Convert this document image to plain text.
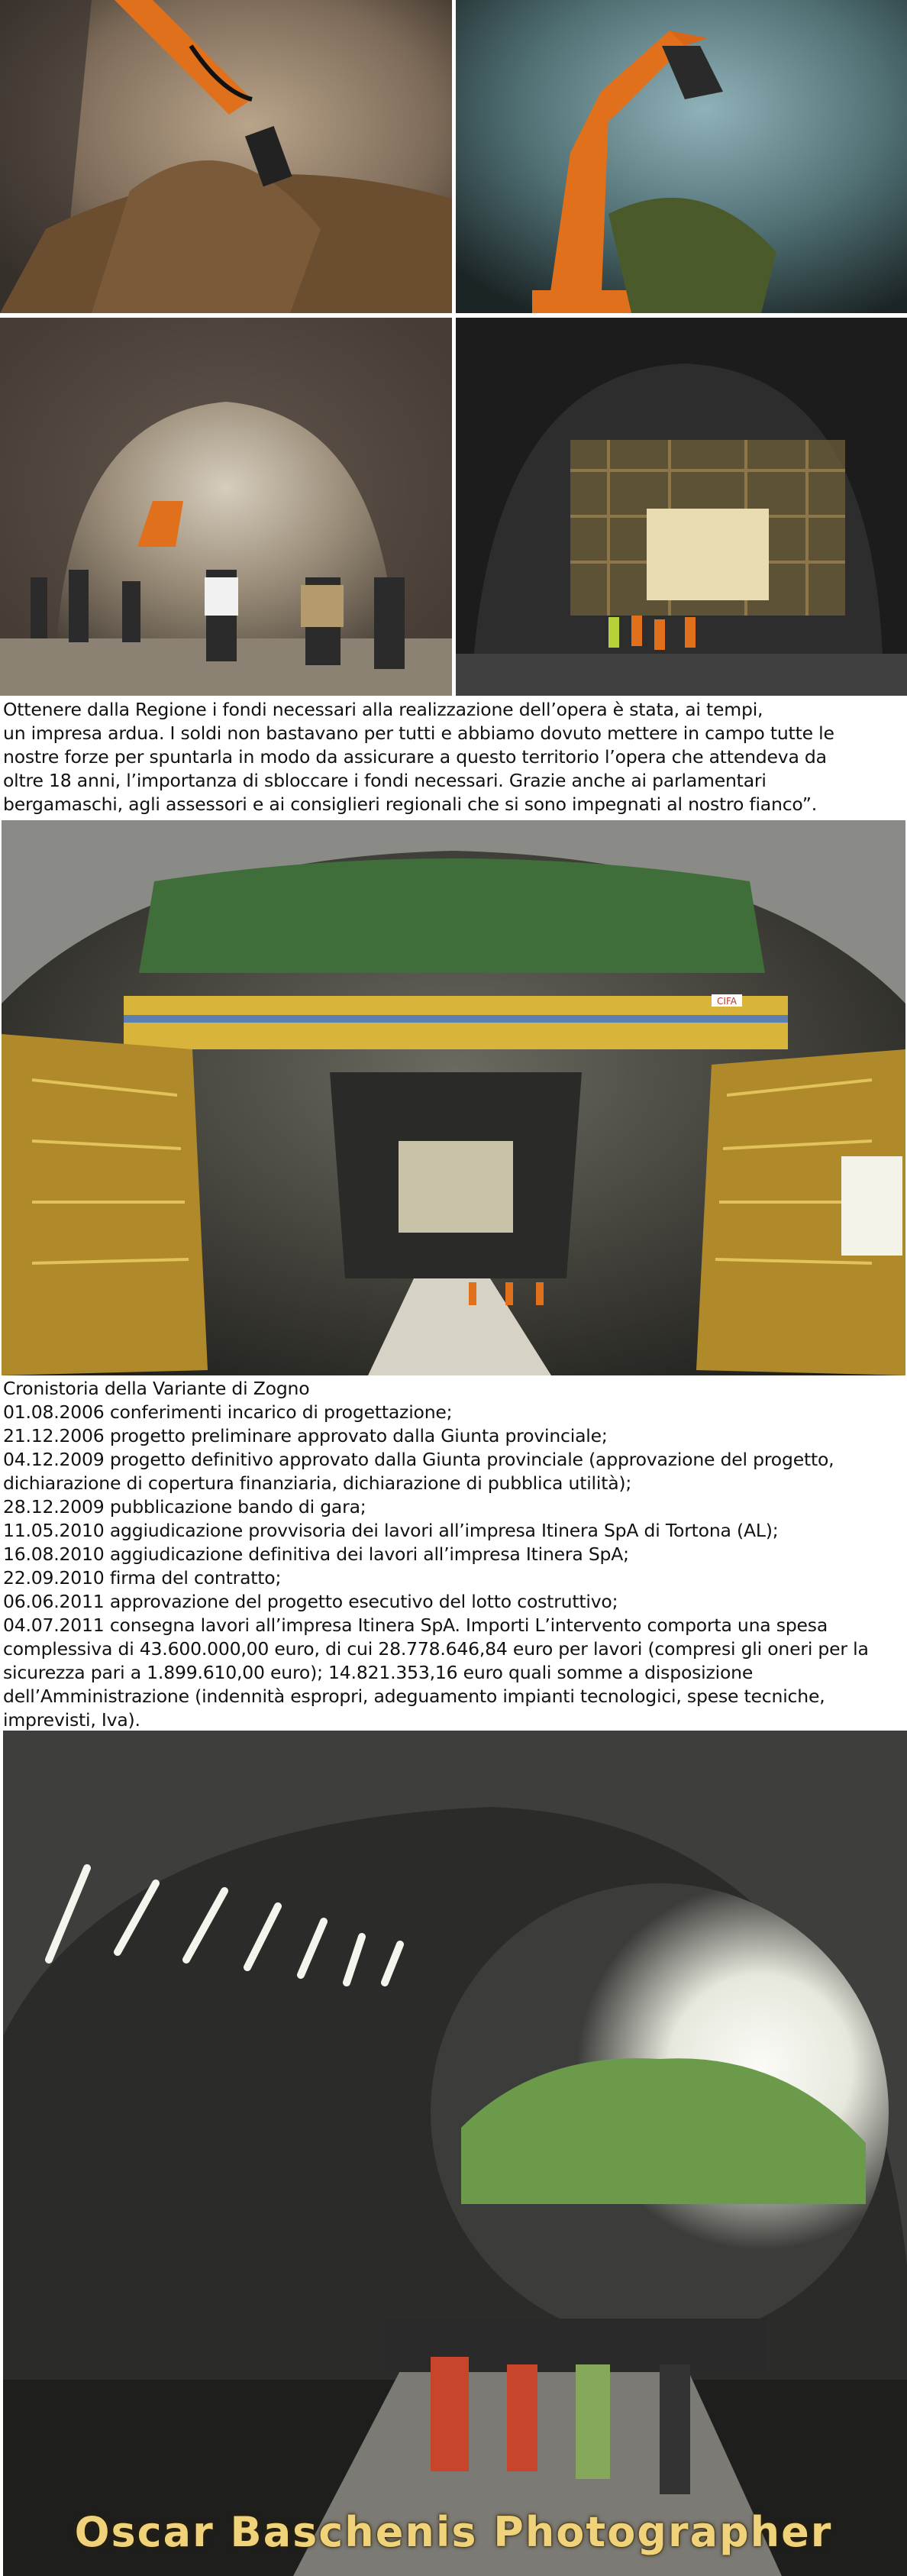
Ottenere dalla Regione i fondi necessari alla realizzazione dell’opera è stata, ai tempi,

un impresa ardua. I soldi non bastavano per tutti e abbiamo dovuto mettere in campo tutte le

nostre forze per spuntarla in modo da assicurare a questo territorio l’opera che attendeva da

oltre 18 anni, l’importanza di sbloccare i fondi necessari. Grazie anche ai parlamentari

bergamaschi, agli assessori e ai consiglieri regionali che si sono impegnati al nostro fianco”.

CIFA

Cronistoria della Variante di Zogno

01.08.2006 conferimenti incarico di progettazione;

21.12.2006 progetto preliminare approvato dalla Giunta provinciale;

04.12.2009 progetto definitivo approvato dalla Giunta provinciale (approvazione del progetto,

dichiarazione di copertura finanziaria, dichiarazione di pubblica utilità);

28.12.2009 pubblicazione bando di gara;

11.05.2010 aggiudicazione provvisoria dei lavori all’impresa Itinera SpA di Tortona (AL);

16.08.2010 aggiudicazione definitiva dei lavori all’impresa Itinera SpA;

22.09.2010 firma del contratto;

06.06.2011 approvazione del progetto esecutivo del lotto costruttivo;

04.07.2011 consegna lavori all’impresa Itinera SpA. Importi L’intervento comporta una spesa

complessiva di 43.600.000,00 euro, di cui 28.778.646,84 euro per lavori (compresi gli oneri per la

sicurezza pari a 1.899.610,00 euro); 14.821.353,16 euro quali somme a disposizione

dell’Amministrazione (indennità espropri, adeguamento impianti tecnologici, spese tecniche,

imprevisti, Iva).

Oscar Baschenis Photographer
